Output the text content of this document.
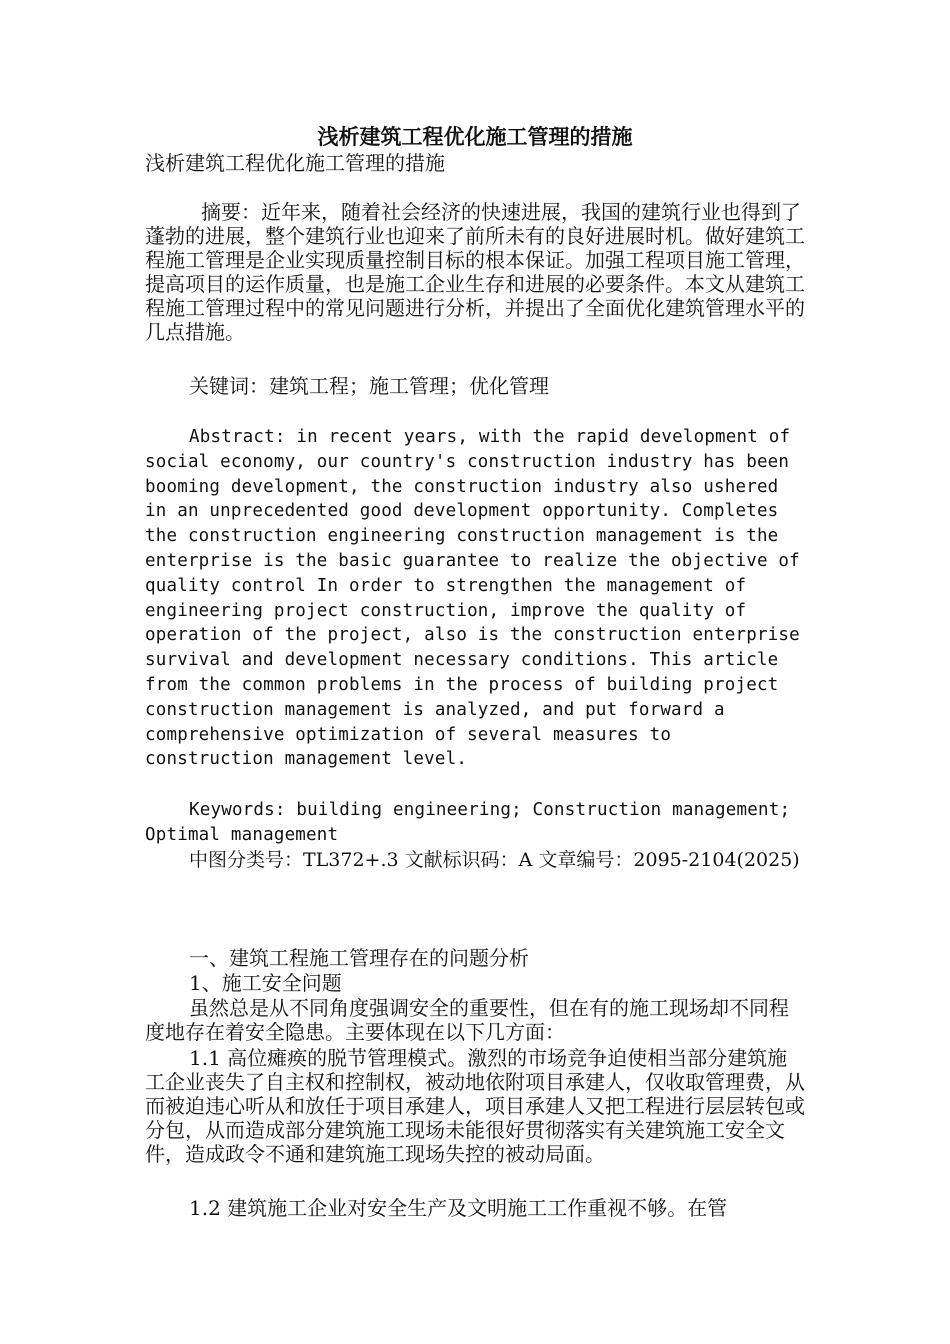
浅析建筑工程优化施工管理的措施
浅析建筑工程优化施工管理的措施

摘要：近年来，随着社会经济的快速进展，我国的建筑行业也得到了蓬勃的进展，整个建筑行业也迎来了前所未有的良好进展时机。做好建筑工程施工管理是企业实现质量控制目标的根本保证。加强工程项目施工管理，提高项目的运作质量，也是施工企业生存和进展的必要条件。本文从建筑工程施工管理过程中的常见问题进行分析，并提出了全面优化建筑管理水平的几点措施。

关键词：建筑工程；施工管理；优化管理

Abstract: in recent years, with the rapid development of social economy, our country's construction industry has been booming development, the construction industry also ushered in an unprecedented good development opportunity. Completes the construction engineering construction management is the enterprise is the basic guarantee to realize the objective of quality control In order to strengthen the management of engineering project construction, improve the quality of operation of the project, also is the construction enterprise survival and development necessary conditions. This article from the common problems in the process of building project construction management is analyzed, and put forward a comprehensive optimization of several measures to construction management level.

Keywords: building engineering; Construction management; Optimal management

中图分类号：TL372+.3 文献标识码：A 文章编号：2095-2104(2025)

一、建筑工程施工管理存在的问题分析

1、施工安全问题

虽然总是从不同角度强调安全的重要性，但在有的施工现场却不同程度地存在着安全隐患。主要体现在以下几方面：

1.1 高位瘫痪的脱节管理模式。激烈的市场竞争迫使相当部分建筑施工企业丧失了自主权和控制权，被动地依附项目承建人，仅收取管理费，从而被迫违心听从和放任于项目承建人，项目承建人又把工程进行层层转包或分包，从而造成部分建筑施工现场未能很好贯彻落实有关建筑施工安全文件，造成政令不通和建筑施工现场失控的被动局面。

1.2 建筑施工企业对安全生产及文明施工工作重视不够。在管
